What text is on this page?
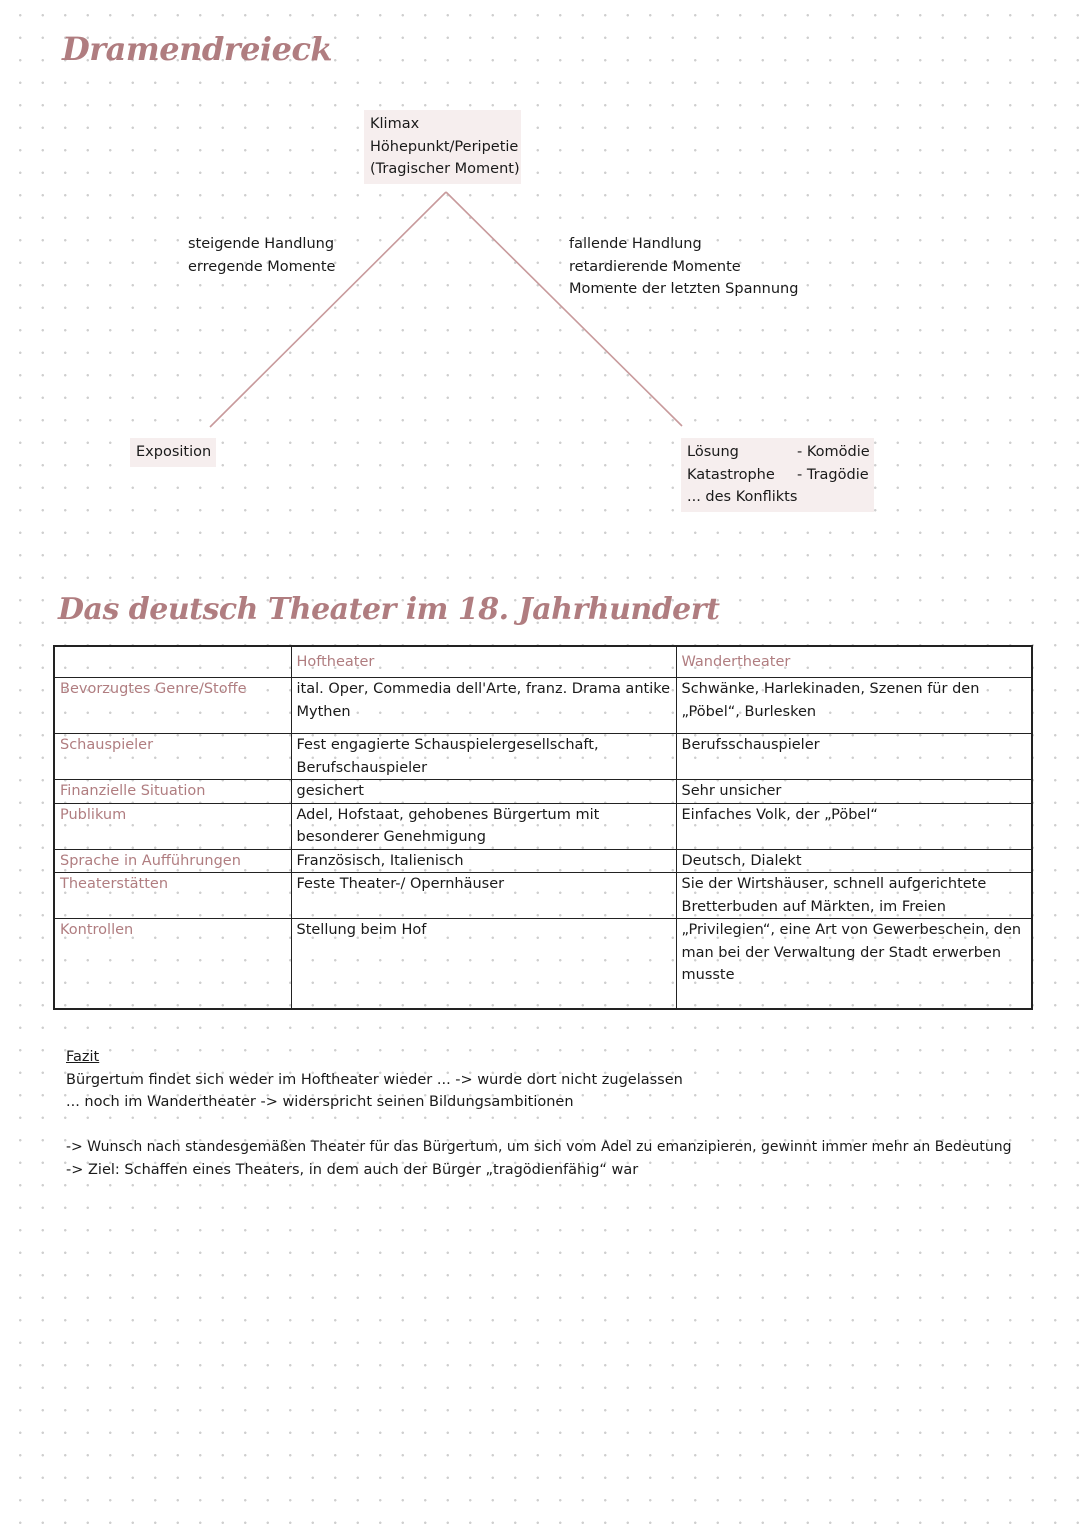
Dramendreieck
Klimax
Höhepunkt/Peripetie
(Tragischer Moment)
steigende Handlung
erregende Momente
fallende Handlung
retardierende Momente
Momente der letzten Spannung
Exposition	Lösung
Katastrophe
... des Konflikts
- Komödie
- Tragödie
Das deutsch Theater im 18. Jahrhundert
	Hoftheater	Wandertheater
Bevorzugtes Genre/Stoffe	ital. Oper, Commedia dell'Arte, franz. Drama antike Mythen	Schwänke, Harlekinaden, Szenen für den „Pöbel“, Burlesken
Schauspieler	Fest engagierte Schauspielergesellschaft, Berufschauspieler	Berufsschauspieler
Finanzielle Situation	gesichert	Sehr unsicher
Publikum	Adel, Hofstaat, gehobenes Bürgertum mit besonderer Genehmigung	Einfaches Volk, der „Pöbel“
Sprache in Aufführungen	Französisch, Italienisch	Deutsch, Dialekt
Theaterstätten	Feste Theater-/ Opernhäuser	Sie der Wirtshäuser, schnell aufgerichtete Bretterbuden auf Märkten, im Freien
Kontrollen	Stellung beim Hof	„Privilegien“, eine Art von Gewerbeschein, den man bei der Verwaltung der Stadt erwerben musste
Fazit
Bürgertum findet sich weder im Hoftheater wieder ... -> wurde dort nicht zugelassen
... noch im Wandertheater -> widerspricht seinen Bildungsambitionen
-> Wunsch nach standesgemäßen Theater für das Bürgertum, um sich vom Adel zu emanzipieren, gewinnt immer mehr an Bedeutung
-> Ziel: Schaffen eines Theaters, in dem auch der Bürger „tragödienfähig“ war
